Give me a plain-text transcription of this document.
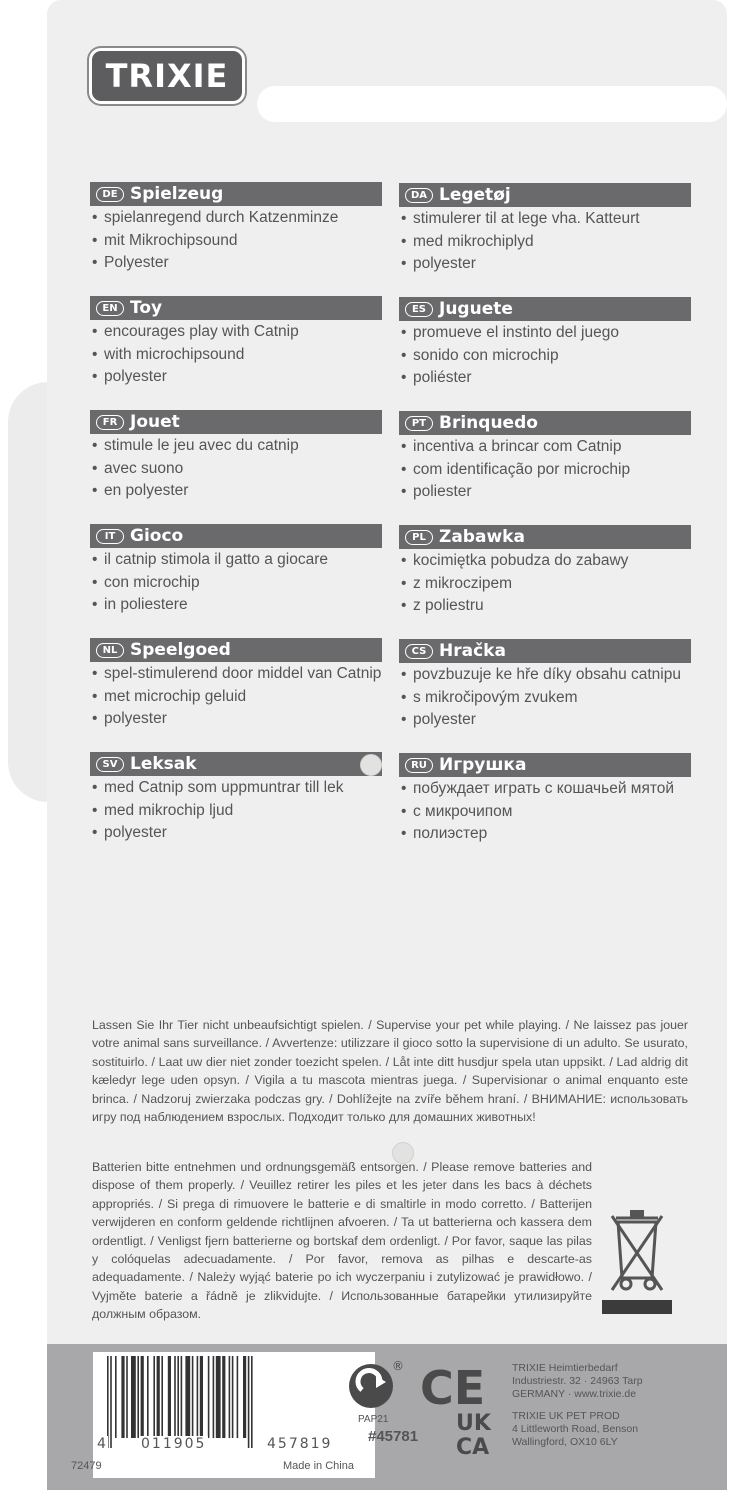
TRIXIE
DE Spielzeug
• spielanregend durch Katzenminze
• mit Mikrochipsound
• Polyester
EN Toy
• encourages play with Catnip
• with microchipsound
• polyester
FR Jouet
• stimule le jeu avec du catnip
• avec suono
• en polyester
IT Gioco
• il catnip stimola il gatto a giocare
• con microchip
• in poliestere
NL Speelgoed
• spel-stimulerend door middel van Catnip
• met microchip geluid
• polyester
SV Leksak
• med Catnip som uppmuntrar till lek
• med mikrochip ljud
• polyester
DA Legetøj
• stimulerer til at lege vha. Katteurt
• med mikrochiplyd
• polyester
ES Juguete
• promueve el instinto del juego
• sonido con microchip
• poliéster
PT Brinquedo
• incentiva a brincar com Catnip
• com identificação por microchip
• poliester
PL Zabawka
• kocimiętka pobudza do zabawy
• z mikroczipem
• z poliestru
CS Hračka
• povzbuzuje ke hře díky obsahu catnipu
• s mikročipovým zvukem
• polyester
RU Игрушка
• побуждает играть с кошачьей мятой
• с микрочипом
• полиэстер
Lassen Sie Ihr Tier nicht unbeaufsichtigt spielen. / Supervise your pet while playing. / Ne laissez pas jouer votre animal sans surveillance. / Avvertenze: utilizzare il gioco sotto la supervisione di un adulto. Se usurato, sostituirlo. / Laat uw dier niet zonder toezicht spelen. / Låt inte ditt husdjur spela utan uppsikt. / Lad aldrig dit kæledyr lege uden opsyn. / Vigila a tu mascota mientras juega. / Supervisionar o animal enquanto este brinca. / Nadzoruj zwierzaka podczas gry. / Dohlížejte na zvíře během hraní. / ВНИМАНИЕ: использовать игру под наблюдением взрослых. Подходит только для домашних животных!
Batterien bitte entnehmen und ordnungsgemäß entsorgen. / Please remove batteries and dispose of them properly. / Veuillez retirer les piles et les jeter dans les bacs à déchets appropriés. / Si prega di rimuovere le batterie e di smaltirle in modo corretto. / Batterijen verwijderen en conform geldende richtlijnen afvoeren. / Ta ut batterierna och kassera dem ordentligt. / Venligst fjern batterierne og bortskaf dem ordenligt. / Por favor, saque las pilas y colóquelas adecuadamente. / Por favor, remova as pilhas e descarte-as adequadamente. / Należy wyjąć baterie po ich wyczerpaniu i zutylizować je prawidłowo. / Vyjměte baterie a řádně je zlikvidujte. / Использованные батарейки утилизируйте должным образом.
4	011905	457819
72479	Made in China
®
PAP21
CE
UK
CA
#45781
TRIXIE Heimtierbedarf
Industriestr. 32 · 24963 Tarp
GERMANY · www.trixie.de
TRIXIE UK PET PROD
4 Littleworth Road, Benson
Wallingford, OX10 6LY
